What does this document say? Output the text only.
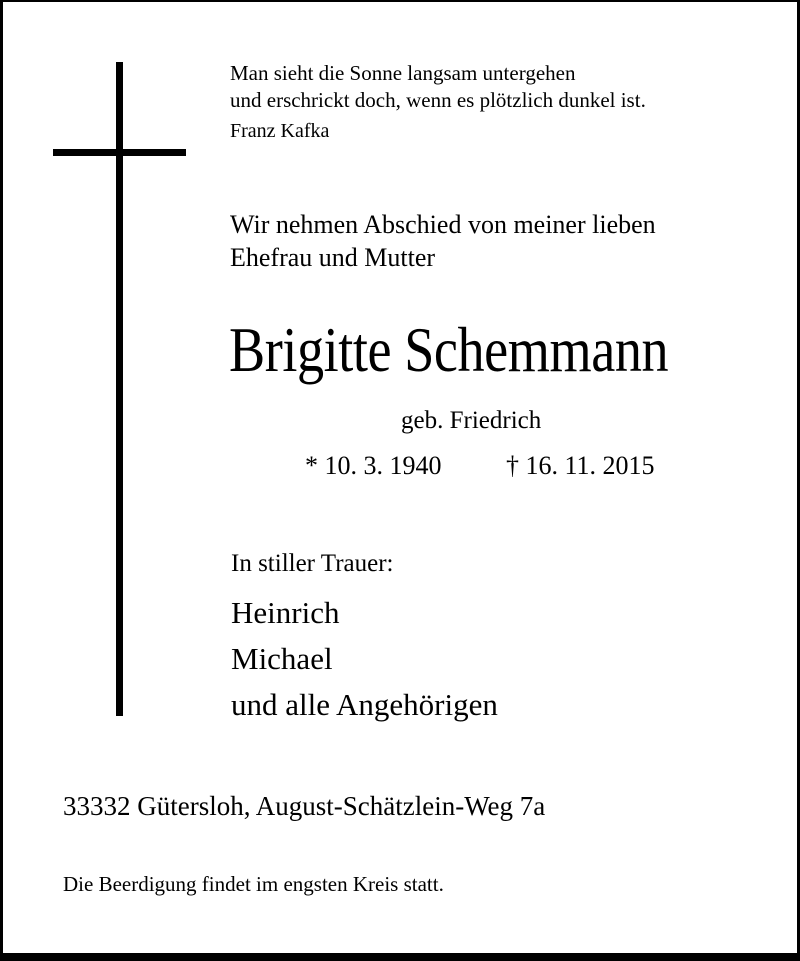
Man sieht die Sonne langsam untergehen
und erschrickt doch, wenn es plötzlich dunkel ist.
Franz Kafka
Wir nehmen Abschied von meiner lieben
Ehefrau und Mutter
Brigitte Schemmann
geb. Friedrich
* 10. 3. 1940 † 16. 11. 2015
In stiller Trauer:
Heinrich
Michael
und alle Angehörigen
33332 Gütersloh, August-Schätzlein-Weg 7a
Die Beerdigung findet im engsten Kreis statt.
